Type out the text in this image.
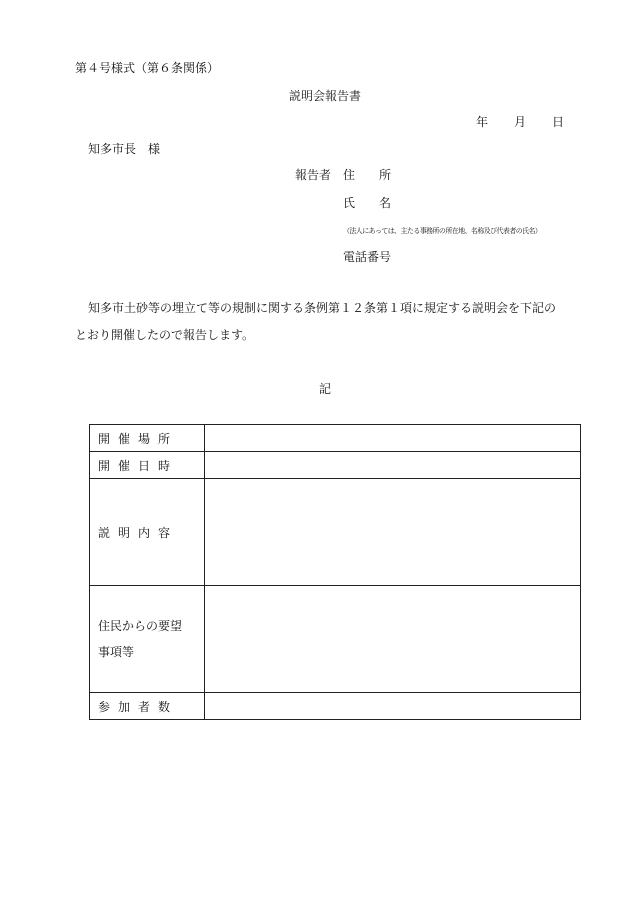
第４号様式（第６条関係）
説明会報告書
年 月 日
知多市長　様
報告者 住　　所
氏　　名
（法人にあっては、主たる事務所の所在地、名称及び代表者の氏名）
電話番号
知多市土砂等の埋立て等の規制に関する条例第１２条第１項に規定する説明会を下記の
とおり開催したので報告します。
記
開催場所	
開催日時	
説明内容	

住民からの要望
事項等	

参加者数	
